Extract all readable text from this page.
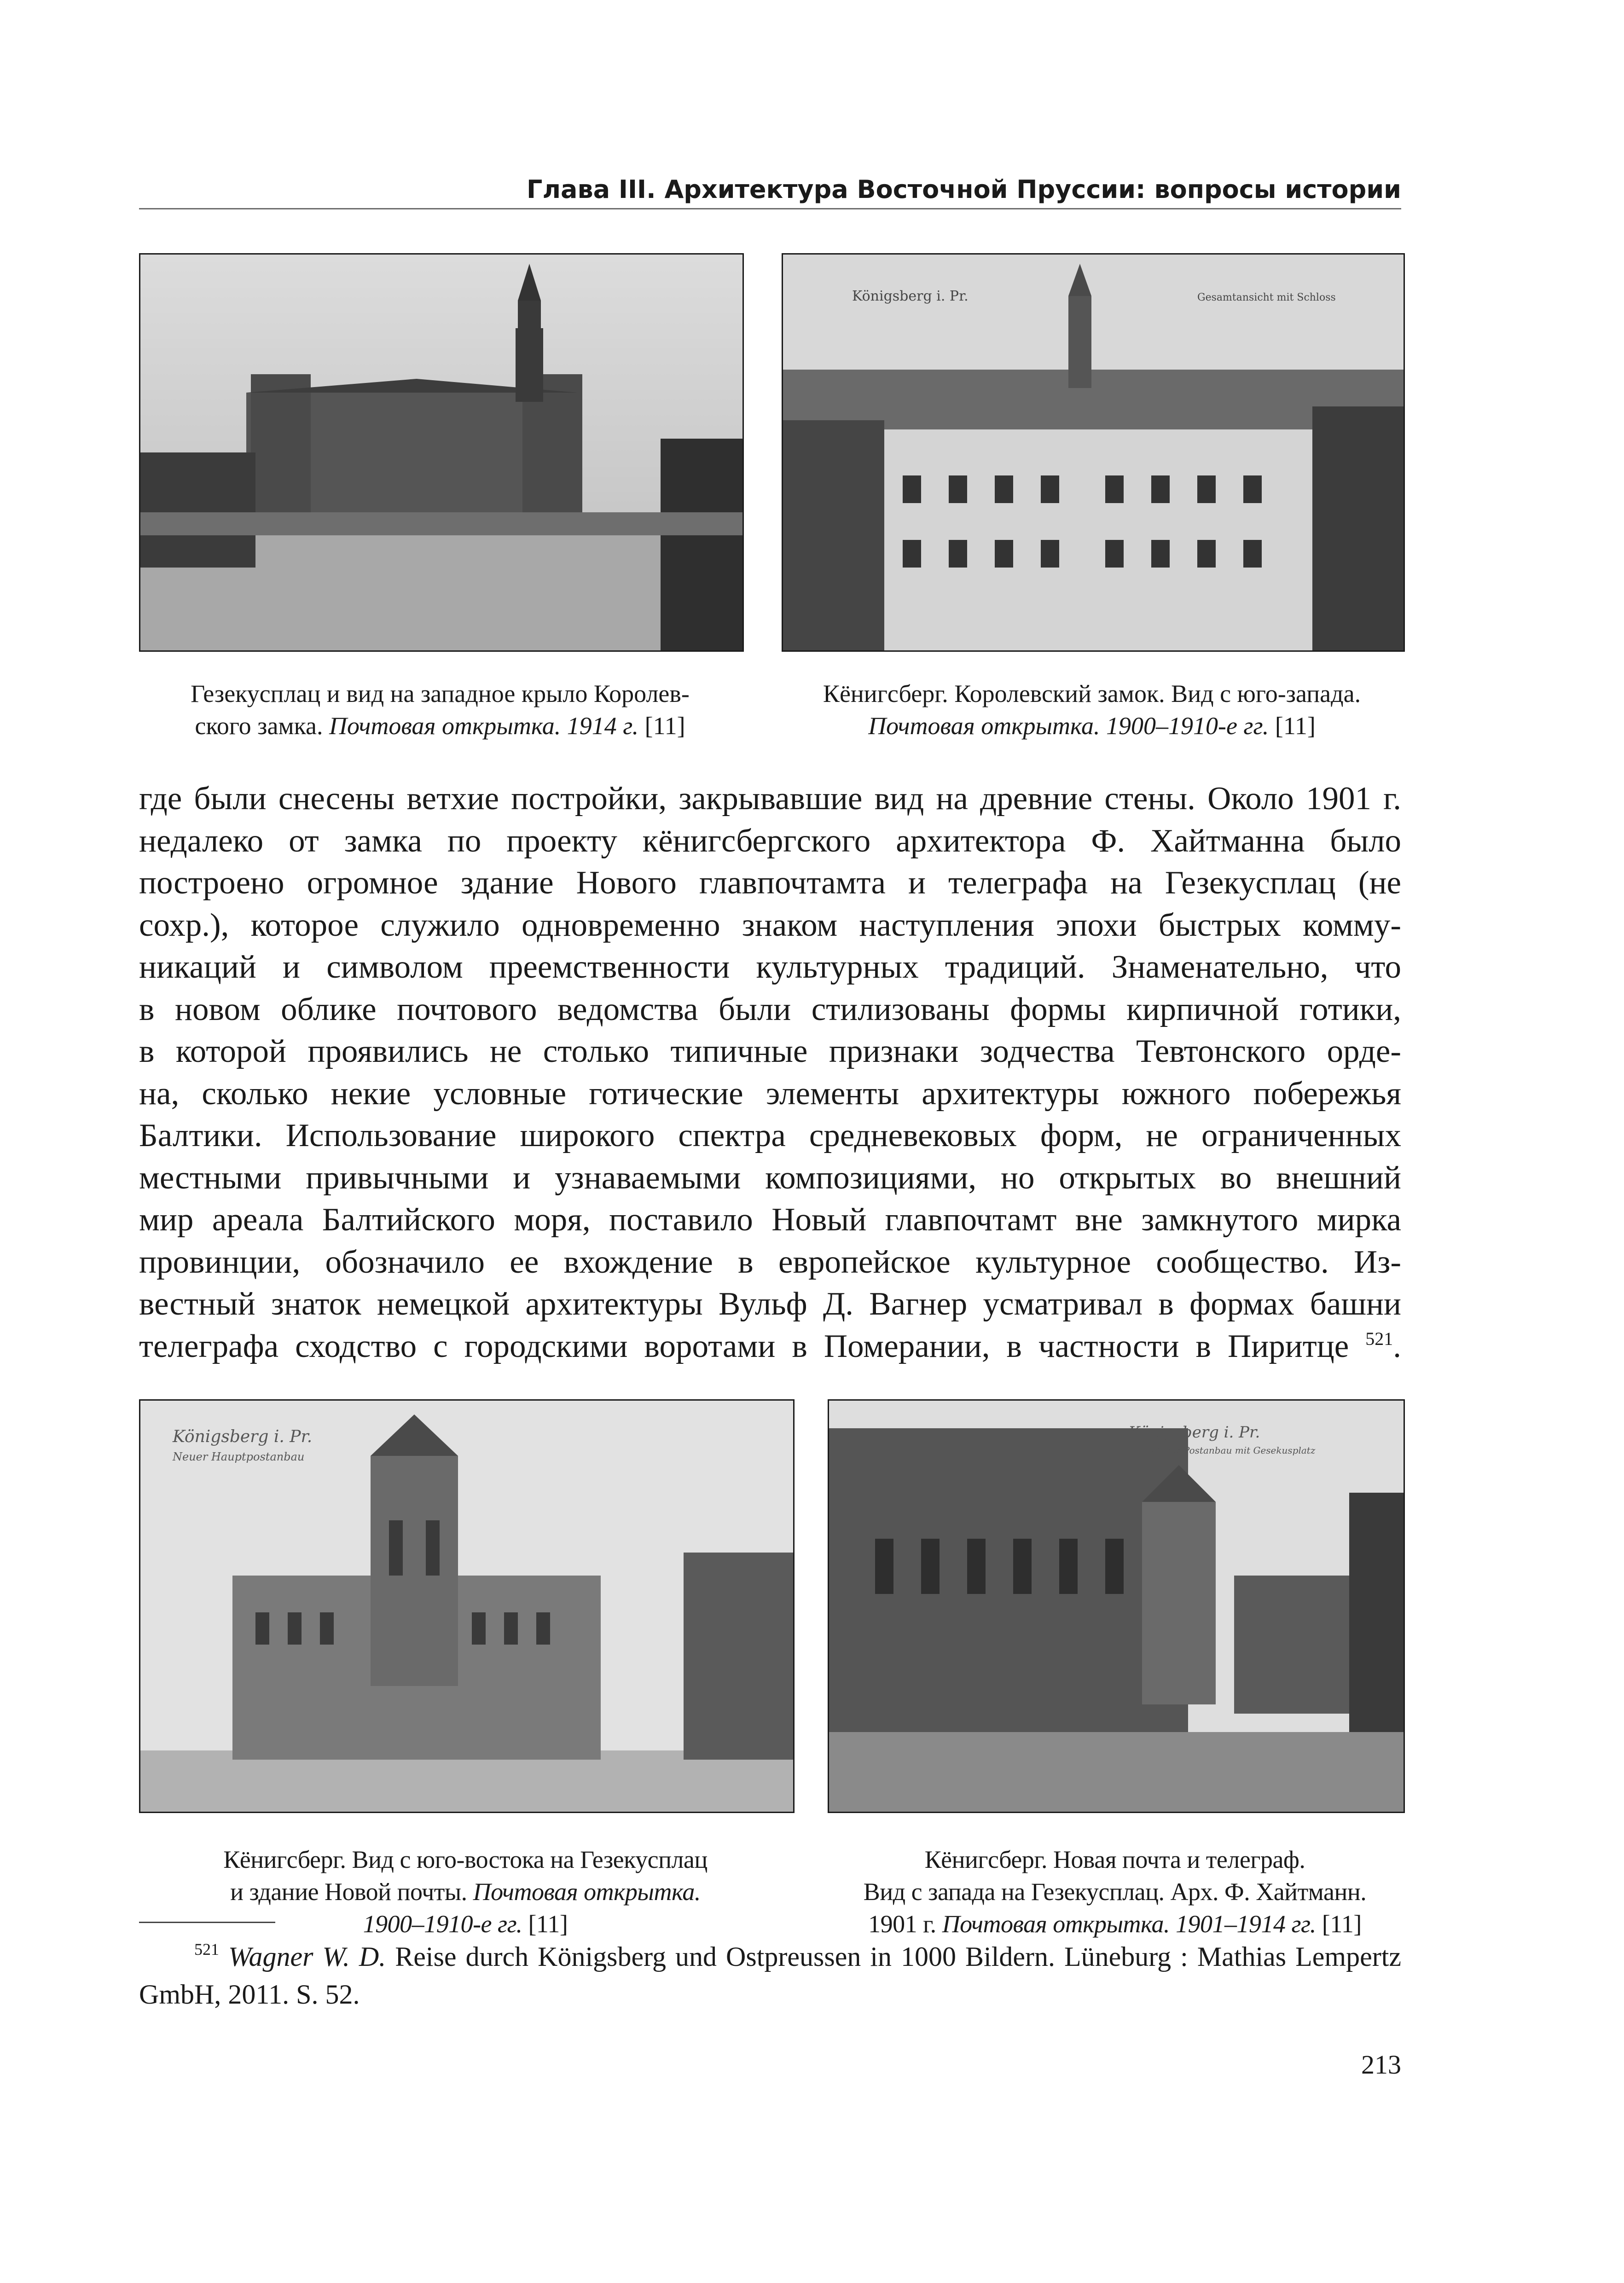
Глава III. Архитектура Восточной Пруссии: вопросы истории
Königsberg i. Pr.	Gesamtansicht mit Schloss
Гезекусплац и вид на западное крыло Королев-
ского замка. Почтовая открытка. 1914 г. [11]
Кёнигсберг. Королевский замок. Вид с юго-запада.
Почтовая открытка. 1900–1910-е гг. [11]
где были снесены ветхие постройки, закрывавшие вид на древние стены. Около 1901 г.
недалеко от замка по проекту кёнигсбергского архитектора Ф. Хайтманна было
построено огромное здание Нового главпочтамта и телеграфа на Гезекусплац (не
сохр.), которое служило одновременно знаком наступления эпохи быстрых комму-
никаций и символом преемственности культурных традиций. Знаменательно, что
в новом облике почтового ведомства были стилизованы формы кирпичной готики,
в которой проявились не столько типичные признаки зодчества Тевтонского орде-
на, сколько некие условные готические элементы архитектуры южного побережья
Балтики. Использование широкого спектра средневековых форм, не ограниченных
местными привычными и узнаваемыми композициями, но открытых во внешний
мир ареала Балтийского моря, поставило Новый главпочтамт вне замкнутого мирка
провинции, обозначило ее вхождение в европейское культурное сообщество. Из-
вестный знаток немецкой архитектуры Вульф Д. Вагнер усматривал в формах башни
телеграфа сходство с городскими воротами в Померании, в частности в Пиритце $^{521}$.
Königsberg i. Pr.
Neuer Hauptpostanbau
Königsberg i. Pr.
Neuer Postanbau mit Gesekusplatz
Кёнигсберг. Вид с юго-востока на Гезекусплац
и здание Новой почты. Почтовая открытка.
1900–1910-е гг. [11]
Кёнигсберг. Новая почта и телеграф.
Вид с запада на Гезекусплац. Арх. Ф. Хайтманн.
1901 г. Почтовая открытка. 1901–1914 гг. [11]
$^{521}$ Wagner W. D. Reise durch Königsberg und Ostpreussen in 1000 Bildern. Lüneburg : Mathias Lempertz
GmbH, 2011. S. 52.
213
